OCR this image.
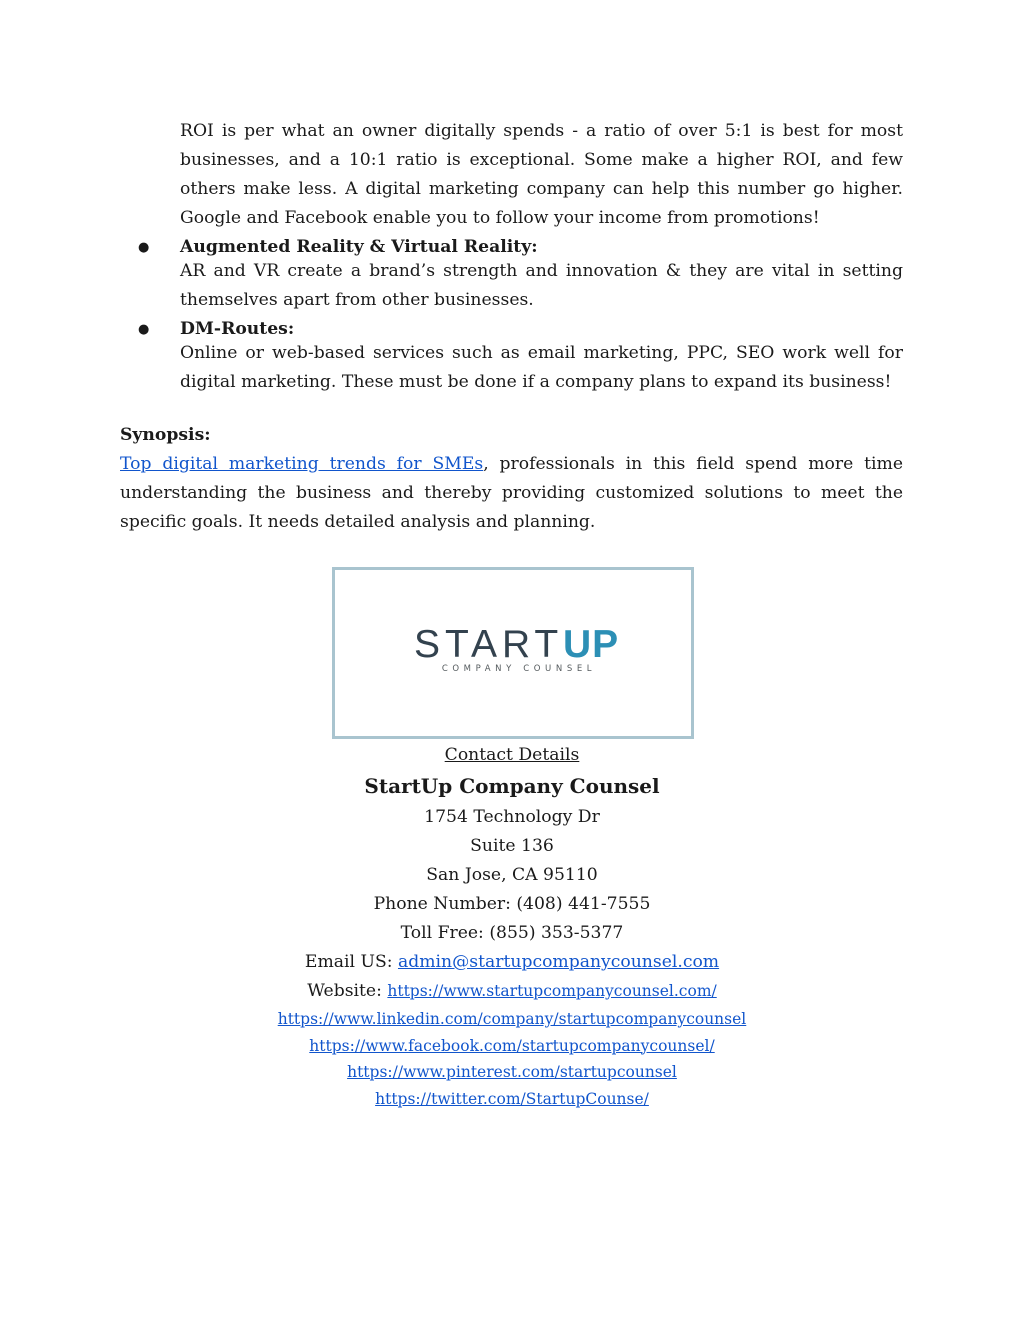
ROI is per what an owner digitally spends - a ratio of over 5:1 is best for most businesses, and a 10:1 ratio is exceptional. Some make a higher ROI, and few others make less. A digital marketing company can help this number go higher. Google and Facebook enable you to follow your income from promotions!
● Augmented Reality & Virtual Reality:
AR and VR create a brand’s strength and innovation & they are vital in setting themselves apart from other businesses.
● DM-Routes:
Online or web-based services such as email marketing, PPC, SEO work well for digital marketing. These must be done if a company plans to expand its business!
Synopsis:
Top digital marketing trends for SMEs, professionals in this field spend more time understanding the business and thereby providing customized solutions to meet the specific goals. It needs detailed analysis and planning.
START UP
COMPANY COUNSEL
Contact Details
StartUp Company Counsel
1754 Technology Dr
Suite 136
San Jose, CA 95110
Phone Number: (408) 441-7555
Toll Free: (855) 353-5377
Email US: admin@startupcompanycounsel.com
Website: https://www.startupcompanycounsel.com/
https://www.linkedin.com/company/startupcompanycounsel
https://www.facebook.com/startupcompanycounsel/
https://www.pinterest.com/startupcounsel
https://twitter.com/StartupCounse/
